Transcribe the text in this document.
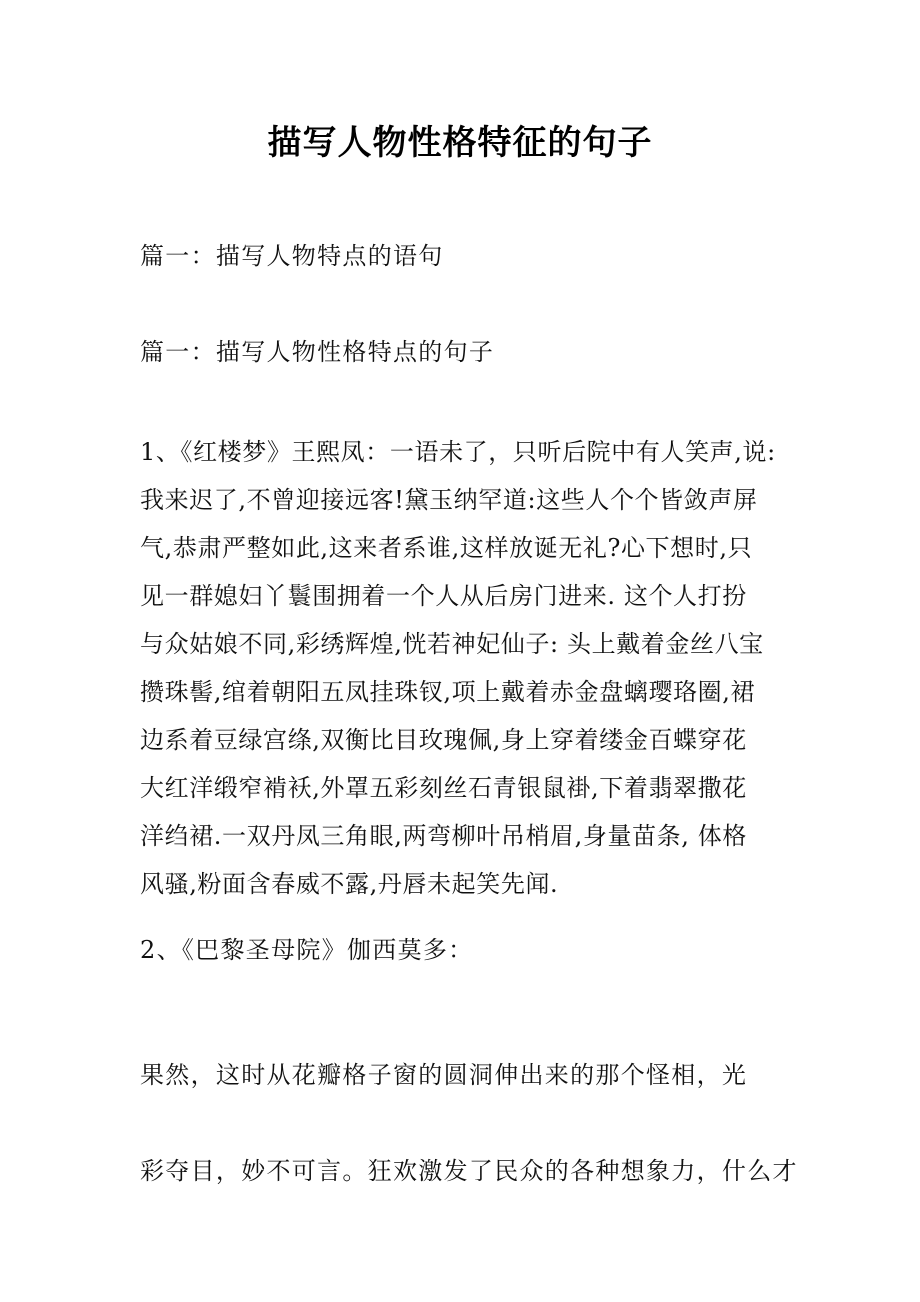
描写人物性格特征的句子
篇一：描写人物特点的语句
篇一：描写人物性格特点的句子
1、《红楼梦》王熙凤：一语未了，只听后院中有人笑声,说:
我来迟了,不曾迎接远客!黛玉纳罕道:这些人个个皆敛声屏
气,恭肃严整如此,这来者系谁,这样放诞无礼?心下想时,只
见一群媳妇丫鬟围拥着一个人从后房门进来. 这个人打扮
与众姑娘不同,彩绣辉煌,恍若神妃仙子: 头上戴着金丝八宝
攒珠髻,绾着朝阳五凤挂珠钗,项上戴着赤金盘螭璎珞圈,裙
边系着豆绿宫绦,双衡比目玫瑰佩,身上穿着缕金百蝶穿花
大红洋缎窄褃袄,外罩五彩刻丝石青银鼠褂,下着翡翠撒花
洋绉裙.一双丹凤三角眼,两弯柳叶吊梢眉,身量苗条, 体格
风骚,粉面含春威不露,丹唇未起笑先闻.
2、《巴黎圣母院》伽西莫多：
果然，这时从花瓣格子窗的圆洞伸出来的那个怪相，光
彩夺目，妙不可言。狂欢激发了民众的各种想象力，什么才
